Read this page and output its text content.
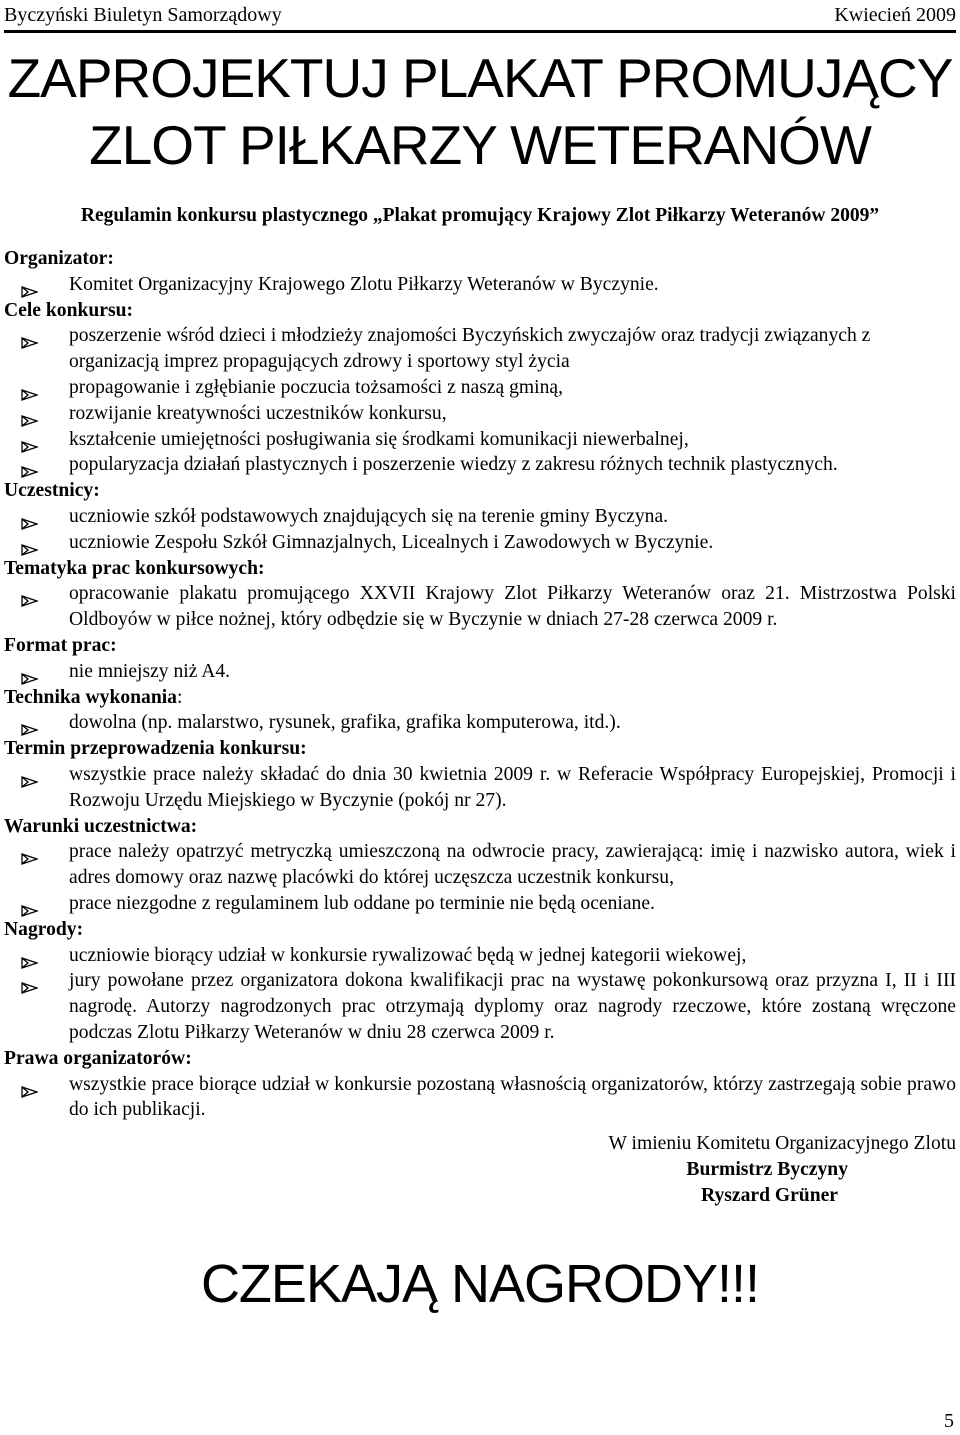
Byczyński Biuletyn Samorządowy	Kwiecień 2009
ZAPROJEKTUJ PLAKAT PROMUJĄCY
ZLOT PIŁKARZY WETERANÓW
Regulamin konkursu plastycznego „Plakat promujący Krajowy Zlot Piłkarzy Weteranów 2009”
Organizator:
Komitet Organizacyjny Krajowego Zlotu Piłkarzy Weteranów w Byczynie.
Cele konkursu:
poszerzenie wśród dzieci i młodzieży znajomości Byczyńskich zwyczajów oraz tradycji związanych z organizacją imprez propagujących zdrowy i sportowy styl życia
propagowanie i zgłębianie poczucia tożsamości z naszą gminą,
rozwijanie kreatywności uczestników konkursu,
kształcenie umiejętności posługiwania się środkami komunikacji niewerbalnej,
popularyzacja działań plastycznych i poszerzenie wiedzy z zakresu różnych technik plastycznych.
Uczestnicy:
uczniowie szkół podstawowych znajdujących się na terenie gminy Byczyna.
uczniowie Zespołu Szkół Gimnazjalnych, Licealnych i Zawodowych w Byczynie.
Tematyka prac konkursowych:
opracowanie plakatu promującego XXVII Krajowy Zlot Piłkarzy Weteranów oraz 21. Mistrzostwa Polski Oldboyów w piłce nożnej, który odbędzie się w Byczynie w dniach 27-28 czerwca 2009 r.
Format prac:
nie mniejszy niż A4.
Technika wykonania:
dowolna (np. malarstwo, rysunek, grafika, grafika komputerowa, itd.).
Termin przeprowadzenia konkursu:
wszystkie prace należy składać do dnia 30 kwietnia 2009 r. w Referacie Współpracy Europejskiej, Promocji i Rozwoju Urzędu Miejskiego w Byczynie (pokój nr 27).
Warunki uczestnictwa:
prace należy opatrzyć metryczką umieszczoną na odwrocie pracy, zawierającą: imię i nazwisko autora, wiek i adres domowy oraz nazwę placówki do której uczęszcza uczestnik konkursu,
prace niezgodne z regulaminem lub oddane po terminie nie będą oceniane.
Nagrody:
uczniowie biorący udział w konkursie rywalizować będą w jednej kategorii wiekowej,
jury powołane przez organizatora dokona kwalifikacji prac na wystawę pokonkursową oraz przyzna I, II i III nagrodę. Autorzy nagrodzonych prac otrzymają dyplomy oraz nagrody rzeczowe, które zostaną wręczone podczas Zlotu Piłkarzy Weteranów w dniu 28 czerwca 2009 r.
Prawa organizatorów:
wszystkie prace biorące udział w konkursie pozostaną własnością organizatorów, którzy zastrzegają sobie prawo do ich publikacji.
W imieniu Komitetu Organizacyjnego Zlotu
Burmistrz Byczyny
Ryszard Grüner
CZEKAJĄ NAGRODY!!!
5
